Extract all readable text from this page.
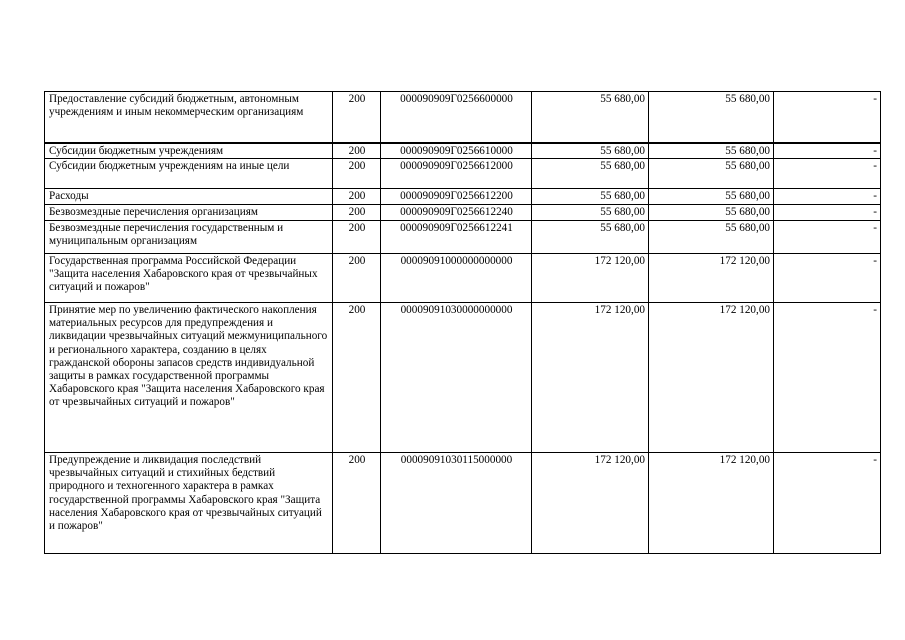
Предоставление субсидий бюджетным, автономным учреждениям и иным некоммерческим организациям	200	000090909Г0256600000	55 680,00	55 680,00	-
Субсидии бюджетным учреждениям	200	000090909Г0256610000	55 680,00	55 680,00	-
Субсидии бюджетным учреждениям на иные цели	200	000090909Г0256612000	55 680,00	55 680,00	-
Расходы	200	000090909Г0256612200	55 680,00	55 680,00	-
Безвозмездные перечисления организациям	200	000090909Г0256612240	55 680,00	55 680,00	-
Безвозмездные перечисления государственным и муниципальным организациям	200	000090909Г0256612241	55 680,00	55 680,00	-
Государственная программа Российской Федерации "Защита населения Хабаровского края от чрезвычайных ситуаций и пожаров"	200	00009091000000000000	172 120,00	172 120,00	-
Принятие мер по увеличению фактического накопления материальных ресурсов для предупреждения и ликвидации чрезвычайных ситуаций межмуниципального и регионального характера, созданию в целях гражданской обороны запасов средств индивидуальной защиты в рамках государственной программы Хабаровского края "Защита населения Хабаровского края от чрезвычайных ситуаций и пожаров"	200	00009091030000000000	172 120,00	172 120,00	-
Предупреждение и ликвидация последствий чрезвычайных ситуаций и стихийных бедствий природного и техногенного характера в рамках государственной программы Хабаровского края "Защита населения Хабаровского края от чрезвычайных ситуаций и пожаров"	200	00009091030115000000	172 120,00	172 120,00	-
